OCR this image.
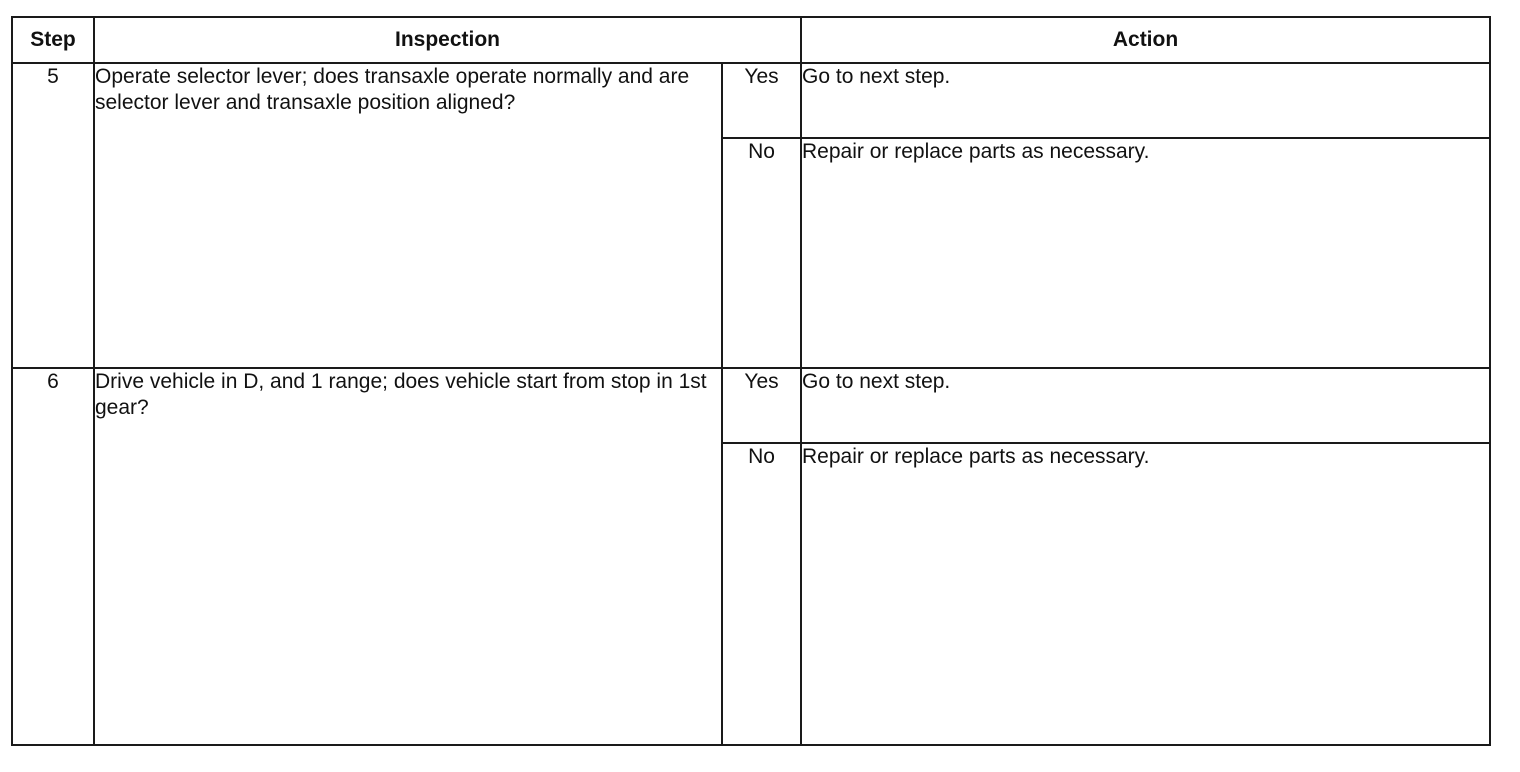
Step	Inspection		Action
5	Operate selector lever; does transaxle operate normally and are selector lever and transaxle position aligned?	Yes	Go to next step.
		No	Repair or replace parts as necessary.
6	Drive vehicle in D, and 1 range; does vehicle start from stop in 1st gear?	Yes	Go to next step.
		No	Repair or replace parts as necessary.
